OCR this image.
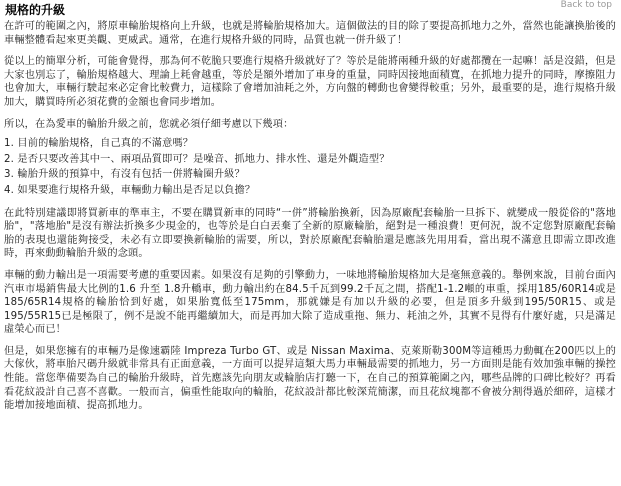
Back to top
規格的升級
在許可的範圍之內，將原車輪胎規格向上升級，也就是將輪胎規格加大。這個做法的目的除了要提高抓地力之外，當然也能讓換胎後的車輛整體看起來更美觀、更威武。通常，在進行規格升級的同時，品質也就一併升級了！
從以上的簡單分析，可能會覺得，那為何不乾脆只要進行規格升級就好了？等於是能將兩種升級的好處都攬在一起嘛！話是沒錯，但是大家也別忘了，輪胎規格越大、理論上耗會越重，等於是額外增加了車身的重量，同時因接地面積寬，在抓地力提升的同時，摩擦阻力也會加大，車輛行駛起來必定會比較費力，這樣除了會增加油耗之外，方向盤的轉動也會變得較重；另外，最重要的是，進行規格升級加大，購買時所必須花費的金額也會同步增加。
所以，在為愛車的輪胎升級之前，您就必須仔細考慮以下幾項：
1. 目前的輪胎規格，自己真的不滿意嗎？
2. 是否只要改善其中一、兩項品質即可？是噪音、抓地力、排水性、還是外觀造型？
3. 輪胎升級的預算中，有沒有包括一併將輪圈升級？
4. 如果要進行規格升級，車輛動力輸出是否足以負擔？
在此特別建議即將買新車的準車主，不要在購買新車的同時“一併”將輪胎換新，因為原廠配套輪胎一旦拆下、就變成一般從俗的"落地胎"，"落地胎"是沒有辦法折換多少現金的，也等於是白白丟棄了全新的原廠輪胎，絕對是一種浪費！更何況，說不定您對原廠配套輪胎的表現也還能夠接受，未必有立即要換新輪胎的需要，所以，對於原廠配套輪胎還是應該先用用看，當出現不滿意且即需立即改進時，再來動動輪胎升級的念頭。
車輛的動力輸出是一項需要考慮的重要因素。如果沒有足夠的引擎動力，一味地將輪胎規格加大是毫無意義的。舉例來說，目前台面內汽車市場銷售最大比例的1.6 升至 1.8升轎車，動力輸出約在84.5千瓦到99.2千瓦之間，搭配1-1.2噸的車重，採用185/60R14或是185/65R14規格的輪胎恰到好處，如果胎寬低至175mm，那就嫌是有加以升級的必要，但是頂多升級到195/50R15、或是195/55R15已是極限了，例不是說不能再繼續加大，而是再加大除了造成重拖、無力、耗油之外，其實不見得有什麼好處，只是滿足虛榮心而已！
但是，如果您擁有的車輛乃是像速霸陸 Impreza Turbo GT、或是 Nissan Maxima、克萊斯勒300M等這種馬力動輒在200匹以上的大傢伙，將車胎尺碼升級就非常具有正面意義，一方面可以提昇這類大馬力車輛最需要的抓地力，另一方面則是能有效加強車輛的操控性能。當您準備要為自己的輪胎升級時，首先應該先向朋友或輪胎店打聽一下，在自己的預算範圍之內，哪些品牌的口碑比較好？再看看花紋設計自己喜不喜歡。一般而言，偏重性能取向的輪胎，花紋設計都比較深荒簡潔，而且花紋塊都不會被分割得過於細碎，這樣才能增加接地面積、提高抓地力。
